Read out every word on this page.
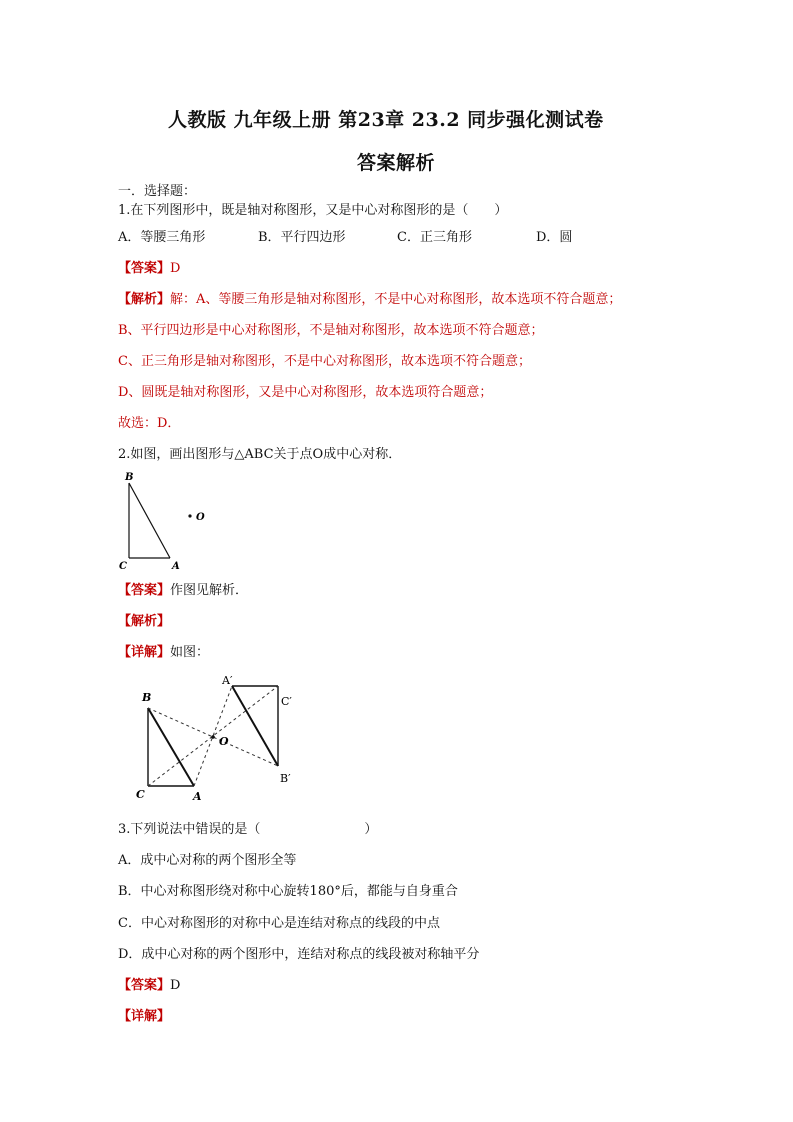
人教版 九年级上册 第23章 23.2 同步强化测试卷
答案解析
一．选择题：
1.在下列图形中，既是轴对称图形，又是中心对称图形的是（　　）
A．等腰三角形	B．平行四边形	C．正三角形	D．圆
【答案】D
【解析】解：A、等腰三角形是轴对称图形，不是中心对称图形，故本选项不符合题意；
B、平行四边形是中心对称图形，不是轴对称图形，故本选项不符合题意；
C、正三角形是轴对称图形，不是中心对称图形，故本选项不符合题意；
D、圆既是轴对称图形，又是中心对称图形，故本选项符合题意；
故选：D．
2.如图，画出图形与△ABC关于点O成中心对称．
B
C	A
O
【答案】作图见解析．
【解析】
【详解】如图：
B
C	A
O
A′
C′
B′
3.下列说法中错误的是（　　　　　　　　）
A．成中心对称的两个图形全等
B．中心对称图形绕对称中心旋转180°后，都能与自身重合
C．中心对称图形的对称中心是连结对称点的线段的中点
D．成中心对称的两个图形中，连结对称点的线段被对称轴平分
【答案】D
【详解】
